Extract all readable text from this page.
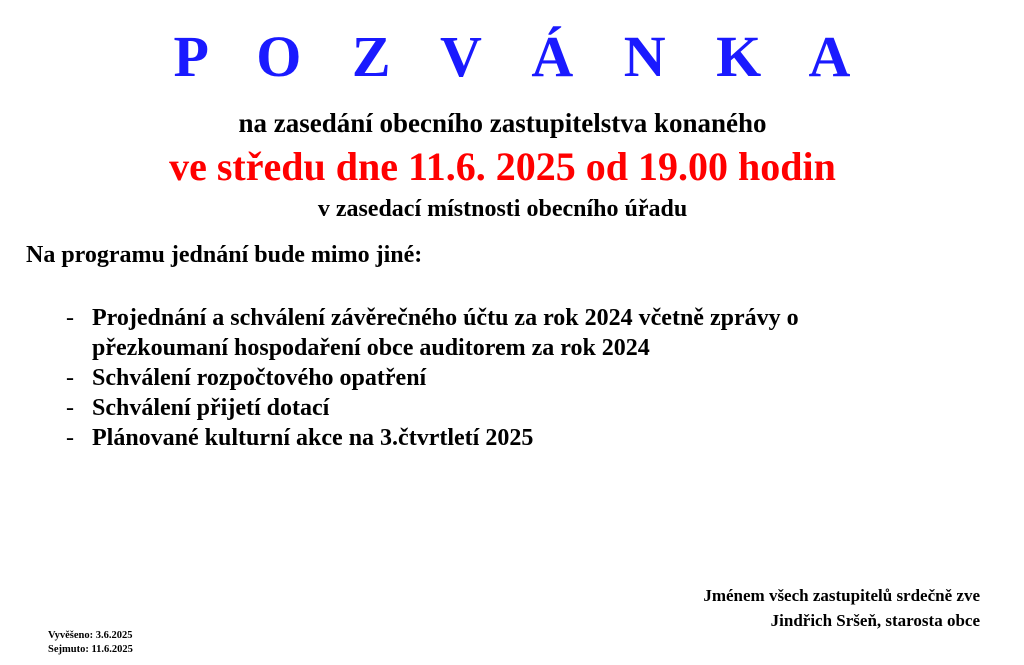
P O Z V Á N K A
na zasedání obecního zastupitelstva konaného
ve středu dne 11.6. 2025 od 19.00 hodin
v zasedací místnosti obecního úřadu
Na programu jednání bude mimo jiné:
- Projednání a schválení závěrečného účtu za rok 2024 včetně zprávy o
přezkoumaní hospodaření obce auditorem za rok 2024
- Schválení rozpočtového opatření
- Schválení přijetí dotací
- Plánované kulturní akce na 3.čtvrtletí 2025
Jménem všech zastupitelů srdečně zve
Jindřich Sršeň, starosta obce
Vyvěšeno: 3.6.2025
Sejmuto: 11.6.2025
